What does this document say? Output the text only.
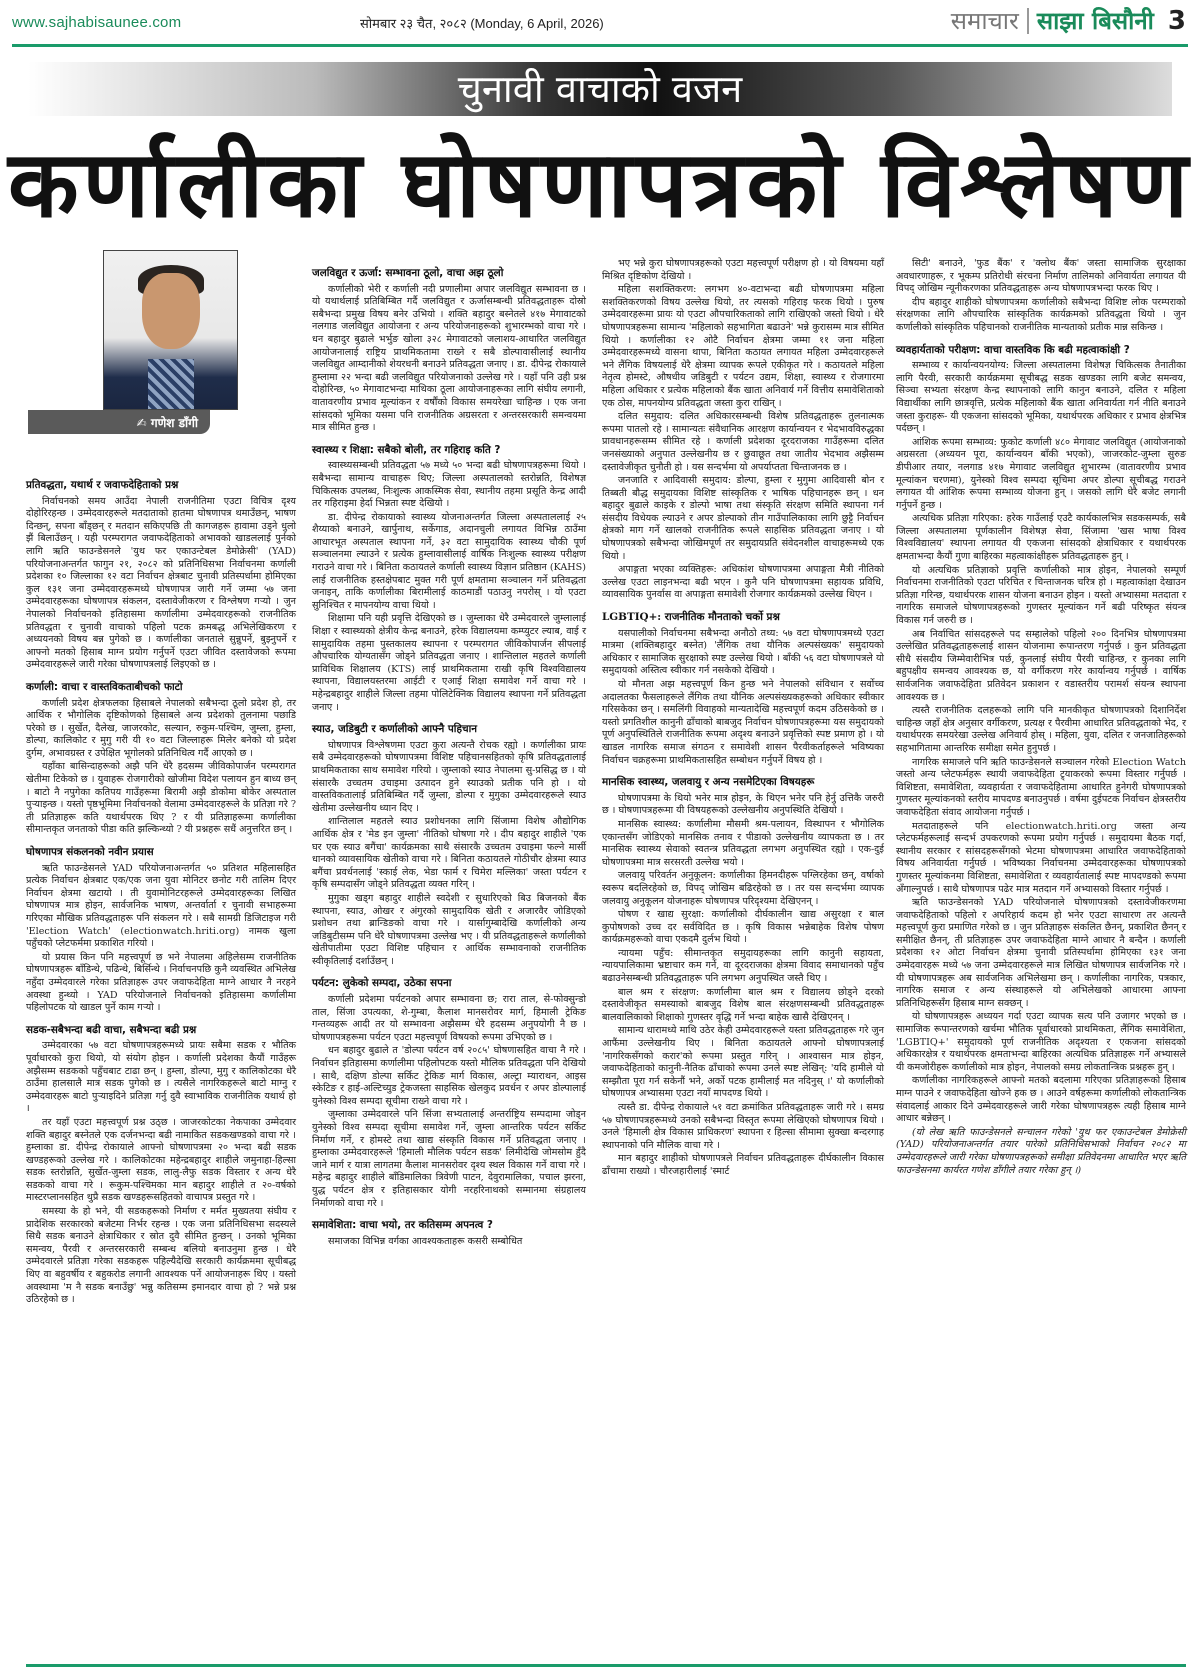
www.sajhabisaunee.com	सोमबार २३ चैत, २०८२ (Monday, 6 April, 2026)	समाचार साझा बिसौनी 3
चुनावी वाचाको वजन
कर्णालीका घोषणापत्रको विश्लेषण
✍ गणेश डाँगी
प्रतिवद्धता, यथार्थ र जवाफदेहिताको प्रश्न

निर्वाचनको समय आउँदा नेपाली राजनीतिमा एउटा विचित्र दृश्य दोहोरिरहन्छ । उम्मेदवारहरूले मतदाताको हातमा घोषणापत्र थमाउँछन्, भाषण दिन्छन्, सपना बाँड्छन् र मतदान सकिएपछि ती कागजहरू हावामा उड्ने धुलो झैं बिलाउँछन् । यही परम्परागत जवाफदेहिताको अभावको खाडललाई पुर्नको लागि ऋति फाउन्डेसनले 'युथ फर एकाउन्टेबल डेमोक्रेसी' (YAD) परियोजनाअन्तर्गत फागुन २१, २०८२ को प्रतिनिधिसभा निर्वाचनमा कर्णाली प्रदेशका १० जिल्लाका १२ वटा निर्वाचन क्षेत्रबाट चुनावी प्रतिस्पर्धामा होमिएका कुल १३१ जना उम्मेदवारहरूमध्ये घोषणापत्र जारी गर्ने जम्मा ५७ जना उम्मेदवारहरूका घोषणापत्र संकलन, दस्तावेजीकरण र विश्लेषण गर्‍यो । जुन नेपालको निर्वाचनको इतिहासमा कर्णालीमा उम्मेदवारहरूको राजनीतिक प्रतिवद्धता र चुनावी वाचाको पहिलो पटक क्रमबद्ध अभिलेखिकरण र अध्ययनको विषय बन्न पुगेको छ । कर्णालीका जनताले सुन्नुपर्ने, बुझ्नुपर्ने र आफ्नो मतको हिसाब माग्न प्रयोग गर्नुपर्ने एउटा जीवित दस्तावेजको रूपमा उम्मेदवारहरूले जारी गरेका घोषणापत्रलाई लिइएको छ ।

कर्णाली: वाचा र वास्तविकताबीचको फाटो

कर्णाली प्रदेश क्षेत्रफलका हिसाबले नेपालको सबैभन्दा ठूलो प्रदेश हो, तर आर्थिक र भौगोलिक दृष्टिकोणको हिसाबले अन्य प्रदेशको तुलनामा पछाडि परेको छ । सुर्खेत, दैलेख, जाजरकोट, सल्यान, रुकुम-पश्चिम, जुम्ला, हुम्ला, डोल्पा, कालिकोट र मुगु गरी यी १० वटा जिल्लाहरू मिलेर बनेको यो प्रदेश दुर्गम, अभावग्रस्त र उपेक्षित भूगोलको प्रतिनिधित्व गर्दै आएको छ ।

यहाँका बासिन्दाहरूको अझै पनि धेरै हदसम्म जीविकोपार्जन परम्परागत खेतीमा टिकेको छ । युवाहरू रोजगारीको खोजीमा विदेश पलायन हुन बाध्य छन् । बाटो नै नपुगेका कतिपय गाउँहरूमा बिरामी अझै डोकोमा बोकेर अस्पताल पुर्‍याइन्छ । यस्तो पृष्ठभूमिमा निर्वाचनको वेलामा उम्मेदवारहरूले के प्रतिज्ञा गरे ? ती प्रतिज्ञाहरू कति यथार्थपरक थिए ? र यी प्रतिज्ञाहरूमा कर्णालीका सीमान्तकृत जनताको पीडा कति झल्किन्थ्यो ? यी प्रश्नहरू सधैं अनुत्तरित छन् ।

घोषणापत्र संकलनको नवीन प्रयास

ऋति फाउन्डेसनले YAD परियोजनाअन्तर्गत ५० प्रतिशत महिलासहित प्रत्येक निर्वाचन क्षेत्रबाट एक/एक जना युवा मोनिटर छनोट गरी तालिम दिएर निर्वाचन क्षेत्रमा खटायो । ती युवामोनिटरहरूले उम्मेदवारहरूका लिखित घोषणापत्र मात्र होइन, सार्वजनिक भाषण, अन्तर्वार्ता र चुनावी सभाहरूमा गरिएका मौखिक प्रतिवद्धताहरू पनि संकलन गरे । सबै सामग्री डिजिटाइज गरी 'Election Watch' (electionwatch.hriti.org) नामक खुला पहुँचको प्लेटफर्ममा प्रकाशित गरियो ।

यो प्रयास किन पनि महत्त्वपूर्ण छ भने नेपालमा अहिलेसम्म राजनीतिक घोषणापत्रहरू बाँडिन्थे, पढिन्थे, बिर्सिन्थे । निर्वाचनपछि कुनै व्यवस्थित अभिलेख नहुँदा उम्मेदवारले गरेका प्रतिज्ञाहरू उपर जवाफदेहिता माग्ने आधार नै नरहने अवस्था हुन्थ्यो । YAD परियोजनाले निर्वाचनको इतिहासमा कर्णालीमा पहिलोपटक यो खाडल पुर्ने काम गर्‍यो ।

सडक-सबैभन्दा बढी वाचा, सबैभन्दा बढी प्रश्न

उम्मेदवारका ५७ वटा घोषणापत्रहरूमध्ये प्रायः सबैमा सडक र भौतिक पूर्वाधारको कुरा थियो, यो संयोग होइन । कर्णाली प्रदेशका कैयौं गाउँहरू अझैसम्म सडकको पहुँचबाट टाढा छन् । हुम्ला, डोल्पा, मुगु र कालिकोटका धेरै ठाउँमा हालसालै मात्र सडक पुगेको छ । त्यसैले नागरिकहरूले बाटो माग्नु र उम्मेदवारहरू बाटो पुर्‍याइदिने प्रतिज्ञा गर्नु दुवै स्वाभाविक राजनीतिक यथार्थ हो ।

तर यहाँ एउटा महत्त्वपूर्ण प्रश्न उठ्छ । जाजरकोटका नेकपाका उम्मेदवार शक्ति बहादुर बस्नेतले एक दर्जनभन्दा बढी नामाकित सडकखण्डको वाचा गरे । हुम्लाका डा. दीपेन्द्र रोकायाले आफ्नो घोषणापत्रमा २० भन्दा बढी सडक खण्डहरूको उल्लेख गरे । कालिकोटका महेन्द्रबहादुर शाहीले जमुनाहा-हिल्सा सडक स्तरोन्नति, सुर्खेत-जुम्ला सडक, लालु-लैफु सडक विस्तार र अन्य धेरै सडकको वाचा गरे । रूकुम-पश्चिमका मान बहादुर शाहीले त २०-वर्षको मास्टरप्लानसहित थुप्रै सडक खण्डहरूसहितको वाचापत्र प्रस्तुत गरे ।

समस्या के हो भने, यी सडकहरूको निर्माण र मर्मत मुख्यतया संघीय र प्रादेशिक सरकारको बजेटमा निर्भर रहन्छ । एक जना प्रतिनिधिसभा सदस्यले सिधै सडक बनाउने क्षेत्राधिकार र स्रोत दुवै सीमित हुन्छन् । उनको भूमिका समन्वय, पैरवी र अन्तरसरकारी सम्बन्ध बलियो बनाउनुमा हुन्छ । धेरै उम्मेदवारले प्रतिज्ञा गरेका सडकहरू पहिल्यैदेखि सरकारी कार्यक्रममा सूचीबद्ध थिए वा बहुवर्षीय र बहुकरोड लगानी आवश्यक पर्ने आयोजनाहरू थिए । यस्तो अवस्थामा 'म नै सडक बनाउँछु' भन्नु कतिसम्म इमानदार वाचा हो ? भन्ने प्रश्न उठिरहेको छ ।

जलविद्युत र ऊर्जा: सम्भावना ठूलो, वाचा अझ ठूलो

कर्णालीको भेरी र कर्णाली नदी प्रणालीमा अपार जलविद्युत सम्भावना छ । यो यथार्थलाई प्रतिबिम्बित गर्दै जलविद्युत र ऊर्जासम्बन्धी प्रतिवद्धताहरू दोस्रो सबैभन्दा प्रमुख विषय बनेर उभियो । शक्ति बहादुर बस्नेतले ४१७ मेगावाटको नलगाड जलविद्युत आयोजना र अन्य परियोजनाहरूको शुभारम्भको वाचा गरे । धन बहादुर बुढाले भर्भुङ खोला ३२८ मेगावाटको जलाशय-आधारित जलविद्युत आयोजनालाई राष्ट्रिय प्राथमिकतामा राख्ने र सबै डोल्पावासीलाई स्थानीय जलविद्युत आम्दानीको शेयरधनी बनाउने प्रतिवद्धता जनाए । डा. दीपेन्द्र रोकायाले हुम्लामा २२ भन्दा बढी जलविद्युत परियोजनाको उल्लेख गरे । यहाँ पनि उही प्रश्न दोहोरिन्छ, ५० मेगावाटभन्दा माथिका ठूला आयोजनाहरूका लागि संघीय लगानी, वातावरणीय प्रभाव मूल्यांकन र वर्षौंको विकास समयरेखा चाहिन्छ । एक जना सांसदको भूमिका यसमा पनि राजनीतिक अग्रसरता र अन्तरसरकारी समन्वयमा मात्र सीमित हुन्छ ।

स्वास्थ्य र शिक्षा: सबैको बोली, तर गहिराइ कति ?

स्वास्थ्यसम्बन्धी प्रतिवद्धता ५७ मध्ये ५० भन्दा बढी घोषणापत्रहरूमा थियो । सबैभन्दा सामान्य वाचाहरू थिए; जिल्ला अस्पतालको स्तरोन्नति, विशेषज्ञ चिकित्सक उपलब्ध, निःशुल्क आकस्मिक सेवा, स्थानीय तहमा प्रसूति केन्द्र आदी तर गहिराइमा हेर्दा भिन्नता स्पष्ट देखियो ।

डा. दीपेन्द्र रोकायाको स्वास्थ्य योजनाअन्तर्गत जिल्ला अस्पताललाई २५ शैय्याको बनाउने, खार्पुनाथ, सर्केगाड, अदानचुली लगायत विभिन्न ठाउँमा आधारभूत अस्पताल स्थापना गर्ने, ३२ वटा सामुदायिक स्वास्थ्य चौकी पूर्ण सञ्चालनमा ल्याउने र प्रत्येक हुम्लावासीलाई वार्षिक निःशुल्क स्वास्थ्य परीक्षण गराउने वाचा गरे । बिनिता कठायतले कर्णाली स्वास्थ्य विज्ञान प्रतिष्ठान (KAHS) लाई राजनीतिक हस्तक्षेपबाट मुक्त गरी पूर्ण क्षमतामा सञ्चालन गर्ने प्रतिवद्धता जनाइन्, ताकि कर्णालीका बिरामीलाई काठमाडौं पठाउनु नपरोस् । यो एउटा सुनिश्चित र मापनयोग्य वाचा थियो ।

शिक्षामा पनि यही प्रवृत्ति देखिएको छ । जुम्लाका धेरै उम्मेदवारले जुम्लालाई शिक्षा र स्वास्थ्यको क्षेत्रीय केन्द्र बनाउने, हरेक विद्यालयमा कम्प्युटर ल्याब, वाई र सामुदायिक तहमा पुस्तकालय स्थापना र परम्परागत जीविकोपार्जन सीपलाई औपचारिक योग्यतासँग जोड्ने प्रतिवद्धता जनाए । शान्तिलाल महतले कर्णाली प्राविधिक शिक्षालय (KTS) लाई प्राथमिकतामा राखी कृषि विश्वविद्यालय स्थापना, विद्यालयस्तरमा आईटी र एआई शिक्षा समावेश गर्ने वाचा गरे । महेन्द्रबहादुर शाहीले जिल्ला तहमा पोलिटेक्निक विद्यालय स्थापना गर्ने प्रतिवद्धता जनाए ।

स्याउ, जडिबुटी र कर्णालीको आफ्नै पहिचान

घोषणापत्र विश्लेषणमा एउटा कुरा अत्यन्तै रोचक रह्यो । कर्णालीका प्रायः सबै उम्मेदवारहरूको घोषणापत्रमा विशिष्ट पहिचानसहितको कृषि प्रतिवद्धतालाई प्राथमिकताका साथ समावेश गरियो । जुम्लाको स्याउ नेपालमा सु-प्रसिद्ध छ । यो संसारकै उच्चतम उचाइमा उत्पादन हुने स्याउको प्रतीक पनि हो । यो वास्तविकतालाई प्रतिबिम्बित गर्दै जुम्ला, डोल्पा र मुगुका उम्मेदवारहरूले स्याउ खेतीमा उल्लेखनीय ध्यान दिए ।

शान्तिलाल महतले स्याउ प्रशोधनका लागि सिंजामा विशेष औद्योगिक आर्थिक क्षेत्र र 'मेड इन जुम्ला' नीतिको घोषणा गरे । दीप बहादुर शाहीले 'एक घर एक स्याउ बगैंचा' कार्यक्रमका साथै संसारकै उच्चतम उचाइमा फल्ने मार्सी धानको व्यावसायिक खेतीको वाचा गरे । बिनिता कठायतले गोठीचौर क्षेत्रमा स्याउ बगैंचा प्रवर्धनलाई 'स्काई लेक, भेडा फार्म र चिमेरा मल्लिका' जस्ता पर्यटन र कृषि सम्पदासँग जोड्ने प्रतिवद्धता व्यक्त गरिन् ।

मुगुका खड्ग बहादुर शाहीले स्वदेशी र सुधारिएको बिउ बिजनको बैंक स्थापना, स्याउ, ओखर र अंगुरको सामुदायिक खेती र अजारवैर जोडिएको प्रशोधन तथा ब्रान्डिङको वाचा गरे । यार्सागुम्बादेखि कर्णालीको अन्य जडिबुटीसम्म पनि धेरै घोषणापत्रमा उल्लेख भए । यी प्रतिवद्धताहरूले कर्णालीको खेतीपातीमा एउटा विशिष्ट पहिचान र आर्थिक सम्भावनाको राजनीतिक स्वीकृतिलाई दर्शाउँछन् ।

पर्यटन: लुकेको सम्पदा, उठेका सपना

कर्णाली प्रदेशमा पर्यटनको अपार सम्भावना छ; रारा ताल, से-फोक्सुन्डो ताल, सिंजा उपत्यका, शे-गुम्बा, कैलाश मानसरोवर मार्ग, हिमाली ट्रेकिङ गन्तव्यहरू आदी तर यो सम्भावना अझैसम्म धेरै हदसम्म अनुपयोगी नै छ । घोषणापत्रहरूमा पर्यटन एउटा महत्त्वपूर्ण विषयको रूपमा उभिएको छ ।

धन बहादुर बुढाले त 'डोल्पा पर्यटन वर्ष २०८५' घोषणासहित वाचा नै गरे । निर्वाचन इतिहासमा कर्णालीमा पहिलोपटक यस्तो मौलिक प्रतिवद्धता पनि देखियो । साथै, दक्षिण डोल्पा सर्किट ट्रेकिङ मार्ग विकास, अल्ट्रा म्याराथन, आइस स्केटिङ र हाई-अल्टिच्युड ट्रेकजस्ता साहसिक खेलकुद प्रवर्धन र अपर डोल्पालाई युनेस्को विश्व सम्पदा सूचीमा राख्ने वाचा गरे ।

जुम्लाका उम्मेदवारले पनि सिंजा सभ्यतालाई अन्तर्राष्ट्रिय सम्पदामा जोड्न युनेस्को विश्व सम्पदा सूचीमा समावेश गर्ने, जुम्ला आन्तरिक पर्यटन सर्किट निर्माण गर्ने, र होमस्टे तथा खाद्य संस्कृति विकास गर्ने प्रतिवद्धता जनाए । हुम्लाका उम्मेदवारहरूले 'हिमाली मौलिक पर्यटन सडक' लिमीदेखि जोमसोम हुँदै जाने मार्ग र यात्रा लागतमा कैलाश मानसरोवर दृश्य स्थल विकास गर्ने वाचा गरे । महेन्द्र बहादुर शाहीले बाँडिमालिका त्रिवेणी पाटन, देवुरामालिका, पचाल झरना, युद्ध पर्यटन क्षेत्र र इतिहासकार योगी नरहरिनाथको सम्मानमा संग्रहालय निर्माणको वाचा गरे ।

समावेशिता: वाचा भयो, तर कतिसम्म अपनत्व ?

समाजका विभिन्न वर्गका आवश्यकताहरू कसरी सम्बोधित

भए भन्ने कुरा घोषणापत्रहरूको एउटा महत्त्वपूर्ण परीक्षण हो । यो विषयमा यहाँ मिश्रित दृष्टिकोण देखियो ।

महिला सशक्तिकरण: लगभग ४०-वटाभन्दा बढी घोषणापत्रमा महिला सशक्तिकरणको विषय उल्लेख थियो, तर त्यसको गहिराइ फरक थियो । पुरुष उम्मेदवारहरूमा प्रायः यो एउटा औपचारिकताको लागि राखिएको जस्तो थियो । धेरै घोषणापत्रहरूमा सामान्य 'महिलाको सहभागिता बढाउने' भन्ने कुरासम्म मात्र सीमित थियो । कर्णालीका १२ ओटै निर्वाचन क्षेत्रमा जम्मा ११ जना महिला उम्मेदवारहरूमध्ये वासना थापा, बिनिता कठायत लगायत महिला उम्मेदवारहरूले भने लैंगिक विषयलाई धेरै क्षेत्रमा व्यापक रूपले एकीकृत गरे । कठायतले महिला नेतृत्व होमस्टे, औषधीय जडिबुटी र पर्यटन उद्यम, शिक्षा, स्वास्थ्य र रोजगारमा महिला अधिकार र प्रत्येक महिलाको बैंक खाता अनिवार्य गर्ने वित्तीय समावेशिताको एक ठोस, मापनयोग्य प्रतिवद्धता जस्ता कुरा राखिन् ।

दलित समुदाय: दलित अधिकारसम्बन्धी विशेष प्रतिवद्धताहरू तुलनात्मक रूपमा पातलो रहे । सामान्यतः संवैधानिक आरक्षण कार्यान्वयन र भेदभावविरुद्धका प्रावधानहरूसम्म सीमित रहे । कर्णाली प्रदेशका दूरदराजका गाउँहरूमा दलित जनसंख्याको अनुपात उल्लेखनीय छ र छुवाछूत तथा जातीय भेदभाव अझैसम्म दस्तावेजीकृत चुनौती हो । यस सन्दर्भमा यो अपर्याप्तता चिन्ताजनक छ ।

जनजाति र आदिवासी समुदाय: डोल्पा, हुम्ला र मुगुमा आदिवासी बोन र तिब्बती बौद्ध समुदायका विशिष्ट सांस्कृतिक र भाषिक पहिचानहरू छन् । धन बहादुर बुढाले काइके र डोल्पो भाषा तथा संस्कृति संरक्षण समिति स्थापना गर्न संसदीय विधेयक ल्याउने र अपर डोल्पाको तीन गाउँपालिकाका लागि छुट्टै निर्वाचन क्षेत्रको माग गर्ने खालको राजनीतिक रूपले साहसिक प्रतिवद्धता जनाए । यो घोषणापत्रको सबैभन्दा जोखिमपूर्ण तर समुदायप्रति संवेदनशील वाचाहरूमध्ये एक थियो ।

अपाङ्गता भएका व्यक्तिहरू: अधिकांश घोषणापत्रमा अपाङ्गता मैत्री नीतिको उल्लेख एउटा लाइनभन्दा बढी भएन । कुनै पनि घोषणापत्रमा सहायक प्रविधि, व्यावसायिक पुनर्वास वा अपाङ्गता समावेशी रोजगार कार्यक्रमको उल्लेख थिएन ।

LGBTIQ+: राजनीतिक मौनताको चर्को प्रश्न

यसपालीको निर्वाचनमा सबैभन्दा अनौठो तथ्य: ५७ वटा घोषणापत्रमध्ये एउटा मात्रमा (शक्तिबहादुर बस्नेत) 'लैंगिक तथा यौनिक अल्पसंख्यक' समुदायको अधिकार र सामाजिक सुरक्षाको स्पष्ट उल्लेख थियो । बाँकी ५६ वटा घोषणापत्रले यो समुदायको अस्तित्व स्वीकार गर्न नसकेको देखियो ।

यो मौनता अझ महत्त्वपूर्ण किन हुन्छ भने नेपालको संविधान र सर्वोच्च अदालतका फैसलाहरूले लैंगिक तथा यौनिक अल्पसंख्यकहरूको अधिकार स्वीकार गरिसकेका छन् । समलिंगी विवाहको मान्यतादेखि महत्त्वपूर्ण कदम उठिसकेको छ । यस्तो प्रगतिशील कानुनी ढाँचाको बाबजुद निर्वाचन घोषणापत्रहरूमा यस समुदायको पूर्ण अनुपस्थितिले राजनीतिक रूपमा अदृश्य बनाउने प्रवृत्तिको स्पष्ट प्रमाण हो । यो खाडल नागरिक समाज संगठन र समावेशी शासन पैरवीकर्ताहरूले भविष्यका निर्वाचन चक्रहरूमा प्राथमिकतासहित सम्बोधन गर्नुपर्ने विषय हो ।

मानसिक स्वास्थ्य, जलवायु र अन्य नसमेटिएका विषयहरू

घोषणापत्रमा के थियो भनेर मात्र होइन, के थिएन भनेर पनि हेर्नु उत्तिकै जरुरी छ । घोषणापत्रहरूमा यी विषयहरूको उल्लेखनीय अनुपस्थिति देखियो ।

मानसिक स्वास्थ्य: कर्णालीमा मौसमी श्रम-पलायन, विस्थापन र भौगोलिक एकान्तसँग जोडिएको मानसिक तनाव र पीडाको उल्लेखनीय व्यापकता छ । तर मानसिक स्वास्थ्य सेवाको स्वतन्त्र प्रतिवद्धता लगभग अनुपस्थित रह्यो । एक-दुई घोषणापत्रमा मात्र सरसरती उल्लेख भयो ।

जलवायु परिवर्तन अनुकूलन: कर्णालीका हिमनदीहरू पग्लिरहेका छन्, वर्षाको स्वरूप बदलिरहेको छ, विपद् जोखिम बढिरहेको छ । तर यस सन्दर्भमा व्यापक जलवायु अनुकूलन योजनाहरू घोषणापत्र परिदृश्यमा देखिएनन् ।

पोषण र खाद्य सुरक्षा: कर्णालीको दीर्घकालीन खाद्य असुरक्षा र बाल कुपोषणको उच्च दर सर्वविदित छ । कृषि विकास भन्नेबाहेक विशेष पोषण कार्यक्रमहरूको वाचा एकदमै दुर्लभ थियो ।

न्यायमा पहुँच: सीमान्तकृत समुदायहरूका लागि कानुनी सहायता, न्यायपालिकामा भ्रष्टाचार कम गर्ने, वा दूरदराजका क्षेत्रमा विवाद समाधानको पहुँच बढाउनेसम्बन्धी प्रतिवद्धताहरू पनि लगभग अनुपस्थित जस्तै थिए ।

बाल श्रम र संरक्षण: कर्णालीमा बाल श्रम र विद्यालय छोड्ने दरको दस्तावेजीकृत समस्याको बाबजुद विशेष बाल संरक्षणसम्बन्धी प्रतिवद्धताहरू बालवालिकाको शिक्षाको गुणस्तर वृद्धि गर्ने भन्दा बाहेक खासै देखिएनन् ।

सामान्य धारामध्ये माथि उठेर केही उम्मेदवारहरूले यस्ता प्रतिवद्धताहरू गरे जुन आफैंमा उल्लेखनीय थिए । बिनिता कठायतले आफ्नो घोषणापत्रलाई 'नागरिकसँगको करार'को रूपमा प्रस्तुत गरिन् । आश्वासन मात्र होइन, जवाफदेहिताको कानुनी-नैतिक ढाँचाको रूपमा उनले स्पष्ट लेखिन्: 'यदि हामीले यो सम्झौता पूरा गर्न सकेनौं भने, अर्को पटक हामीलाई मत नदिनुस् ।' यो कर्णालीको घोषणापत्र अभ्यासमा एउटा नयाँ मापदण्ड थियो ।

त्यस्तै डा. दीपेन्द्र रोकायाले ५१ वटा क्रमांकित प्रतिवद्धताहरू जारी गरे । समग्र ५७ घोषणापत्रहरूमध्ये उनको सबैभन्दा विस्तृत रूपमा लेखिएको घोषणापत्र थियो । उनले 'हिमाली क्षेत्र विकास प्राधिकरण' स्थापना र हिल्सा सीमामा सुक्खा बन्दरगाह स्थापनाको पनि मौलिक वाचा गरे ।

मान बहादुर शाहीको घोषणापत्रले निर्वाचन प्रतिवद्धताहरू दीर्घकालीन विकास ढाँचामा राख्यो । चौरजहारीलाई 'स्मार्ट

सिटी' बनाउने, 'फुड बैंक' र 'क्लोथ बैंक' जस्ता सामाजिक सुरक्षाका अवधारणाहरू, र भूकम्प प्रतिरोधी संरचना निर्माण तालिमको अनिवार्यता लगायत यी विपद् जोखिम न्यूनीकरणका प्रतिवद्धताहरू अन्य घोषणापत्रभन्दा फरक थिए ।

दीप बहादुर शाहीको घोषणापत्रमा कर्णालीको सबैभन्दा विशिष्ट लोक परम्पराको संरक्षणका लागि औपचारिक सांस्कृतिक कार्यक्रमको प्रतिवद्धता थियो । जुन कर्णालीको सांस्कृतिक पहिचानको राजनीतिक मान्यताको प्रतीक मान्न सकिन्छ ।

व्यवहार्यताको परीक्षण: वाचा वास्तविक कि बढी महत्वाकांक्षी ?

सम्भाव्य र कार्यान्वयनयोग्य: जिल्ला अस्पतालमा विशेषज्ञ चिकित्सक तैनातीका लागि पैरवी, सरकारी कार्यक्रममा सूचीबद्ध सडक खण्डका लागि बजेट समन्वय, सिञ्चा सभ्यता संरक्षण केन्द्र स्थापनाको लागि कानुन बनाउने, दलित र महिला विद्यार्थीका लागि छात्रवृत्ति, प्रत्येक महिलाको बैंक खाता अनिवार्यता गर्न नीति बनाउने जस्ता कुराहरू- यी एकजना सांसदको भूमिका, यथार्थपरक अधिकार र प्रभाव क्षेत्रभित्र पर्दछन् ।

आंशिक रूपमा सम्भाव्य: फुकोट कर्णाली ४८० मेगावाट जलविद्युत (आयोजनाको अग्रसरता (अध्ययन पूरा, कार्यान्वयन बाँकी भएको), जाजरकोट-जुम्ला सुरुङ डीपीआर तयार, नलगाड ४१७ मेगावाट जलविद्युत शुभारम्भ (वातावरणीय प्रभाव मूल्यांकन चरणमा), युनेस्को विश्व सम्पदा सूचिमा अपर डोल्पा सूचीबद्ध गराउने लगायत यी आंशिक रूपमा सम्भाव्य योजना हुन् । जसको लागि धेरै बजेट लगानी गर्नुपर्ने हुन्छ ।

अत्यधिक प्रतिज्ञा गरिएका: हरेक गाउँलाई एउटै कार्यकालभित्र सडकसम्पर्क, सबै जिल्ला अस्पतालमा पूर्णकालीन विशेषज्ञ सेवा, सिंजामा 'खस भाषा विश्व विश्वविद्यालय' स्थापना लगायत यी एकजना सांसदको क्षेत्राधिकार र यथार्थपरक क्षमताभन्दा कैयौं गुणा बाहिरका महत्वाकांक्षीहरू प्रतिवद्धताहरू हुन् ।

यो अत्यधिक प्रतिज्ञाको प्रवृत्ति कर्णालीको मात्र होइन, नेपालको सम्पूर्ण निर्वाचनमा राजनीतिको एउटा परिचित र चिन्ताजनक चरित्र हो । महत्वाकांक्षा देखाउन प्रतिज्ञा गरिन्छ, यथार्थपरक शासन योजना बनाउन होइन । यस्तो अभ्यासमा मतदाता र नागरिक समाजले घोषणापत्रहरूको गुणस्तर मूल्यांकन गर्ने बढी परिष्कृत संयन्त्र विकास गर्न जरुरी छ ।

अब निर्वाचित सांसदहरूले पद सम्हालेको पहिलो २०० दिनभित्र घोषणापत्रमा उल्लेखित प्रतिवद्धताहरूलाई शासन योजनामा रूपान्तरण गर्नुपर्छ । कुन प्रतिवद्धता सीधै संसदीय जिम्मेवारीभित्र पर्छ, कुनलाई संघीय पैरवी चाहिन्छ, र कुनका लागि बहुपक्षीय समन्वय आवश्यक छ, यो वर्गीकरण गरेर कार्यान्वय गर्नुपर्छ । वार्षिक सार्वजनिक जवाफदेहिता प्रतिवेदन प्रकाशन र वडास्तरीय परामर्श संयन्त्र स्थापना आवश्यक छ ।

त्यस्तै राजनीतिक दलहरूको लागि पनि मानकीकृत घोषणापत्रको दिशानिर्देश चाहिन्छ जहाँ क्षेत्र अनुसार वर्गीकरण, प्रत्यक्ष र पैरवीमा आधारित प्रतिवद्धताको भेद, र यथार्थपरक समयरेखा उल्लेख अनिवार्य होस् । महिला, युवा, दलित र जनजातिहरूको सहभागितामा आन्तरिक समीक्षा समेत हुनुपर्छ ।

नागरिक समाजले पनि ऋति फाउन्डेसनले सञ्चालन गरेको Election Watch जस्तो अन्य प्लेटफर्महरू स्थायी जवाफदेहिता ट्र्याकरको रूपमा विस्तार गर्नुपर्छ । विशिष्टता, समावेशिता, व्यवहार्यता र जवाफदेहितामा आधारित हुनेगरी घोषणापत्रको गुणस्तर मूल्यांकनको स्तरीय मापदण्ड बनाउनुपर्छ । वर्षमा दुईपटक निर्वाचन क्षेत्रस्तरीय जवाफदेहिता संवाद आयोजना गर्नुपर्छ ।

मतदाताहरूले पनि electionwatch.hriti.org जस्ता अन्य प्लेटफर्महरूलाई सन्दर्भ उपकरणको रूपमा प्रयोग गर्नुपर्छ । समुदायमा बैठक गर्दा, स्थानीय सरकार र सांसदहरूसँगको भेटमा घोषणापत्रमा आधारित जवाफदेहिताको विषय अनिवार्यता गर्नुपर्छ । भविष्यका निर्वाचनमा उम्मेदवारहरूका घोषणापत्रको गुणस्तर मूल्यांकनमा विशिष्टता, समावेशिता र व्यवहार्यतालाई स्पष्ट मापदण्डको रूपमा अँगाल्नुपर्छ । साथै घोषणापत्र पढेर मात्र मतदान गर्ने अभ्यासको विस्तार गर्नुपर्छ ।

ऋति फाउन्डेसनको YAD परियोजनाले घोषणापत्रको दस्तावेजीकरणमा जवाफदेहिताको पहिलो र अपरिहार्य कदम हो भनेर एउटा साधारण तर अत्यन्तै महत्त्वपूर्ण कुरा प्रमाणित गरेको छ । जुन प्रतिज्ञाहरू संकलित छैनन्, प्रकाशित छैनन् र समीक्षित छैनन्, ती प्रतिज्ञाहरू उपर जवाफदेहिता माग्ने आधार नै बन्दैन । कर्णाली प्रदेशका १२ ओटा निर्वाचन क्षेत्रमा चुनावी प्रतिस्पर्धामा होमिएका १३१ जना उम्मेदवारहरू मध्ये ५७ जना उम्मेदवारहरूले मात्र लिखित घोषणापत्र सार्वजनिक गरे । यी घोषणापत्रहरू अब सार्वजनिक अभिलेखमा छन् । कर्णालीका नागरिक, पत्रकार, नागरिक समाज र अन्य संस्थाहरूले यो अभिलेखको आधारमा आफ्ना प्रतिनिधिहरूसँग हिसाब माग्न सक्छन् ।

यो घोषणापत्रहरू अध्ययन गर्दा एउटा व्यापक सत्य पनि उजागर भएको छ । सामाजिक रूपान्तरणको खर्चमा भौतिक पूर्वाधारको प्राथमिकता, लैंगिक समावेशिता, 'LGBTIQ+' समुदायको पूर्ण राजनीतिक अदृश्यता र एकजना सांसदको अधिकारक्षेत्र र यथार्थपरक क्षमताभन्दा बाहिरका अत्यधिक प्रतिज्ञाहरू गर्ने अभ्यासले यी कमजोरीहरू कर्णालीको मात्र होइन, नेपालको समग्र लोकतान्त्रिक प्रश्नहरू हुन् ।

कर्णालीका नागरिकहरूले आफ्नो मतको बदलामा गरिएका प्रतिज्ञाहरूको हिसाब माग्न पाउने र जवाफदेहिता खोज्ने हक छ । आउने वर्षहरूमा कर्णालीको लोकतान्त्रिक संवादलाई आकार दिने उम्मेदवारहरूले जारी गरेका घोषणापत्रहरू त्यही हिसाब माग्ने आधार बन्नेछन् ।

(यो लेख ऋति फाउन्डेसनले सन्चालन गरेको 'युथ फर एकाउन्टेबल डेमोक्रेसी (YAD) परियोजनाअन्तर्गत तयार पारेको प्रतिनिधिसभाको निर्वाचन २०८२ मा उम्मेदवारहरूले जारी गरेका घोषणापत्रहरूको समीक्षा प्रतिवेदनमा आधारित भएर ऋति फाउन्डेसनमा कार्यरत गणेश डाँगीले तयार गरेका हुन् ।)
